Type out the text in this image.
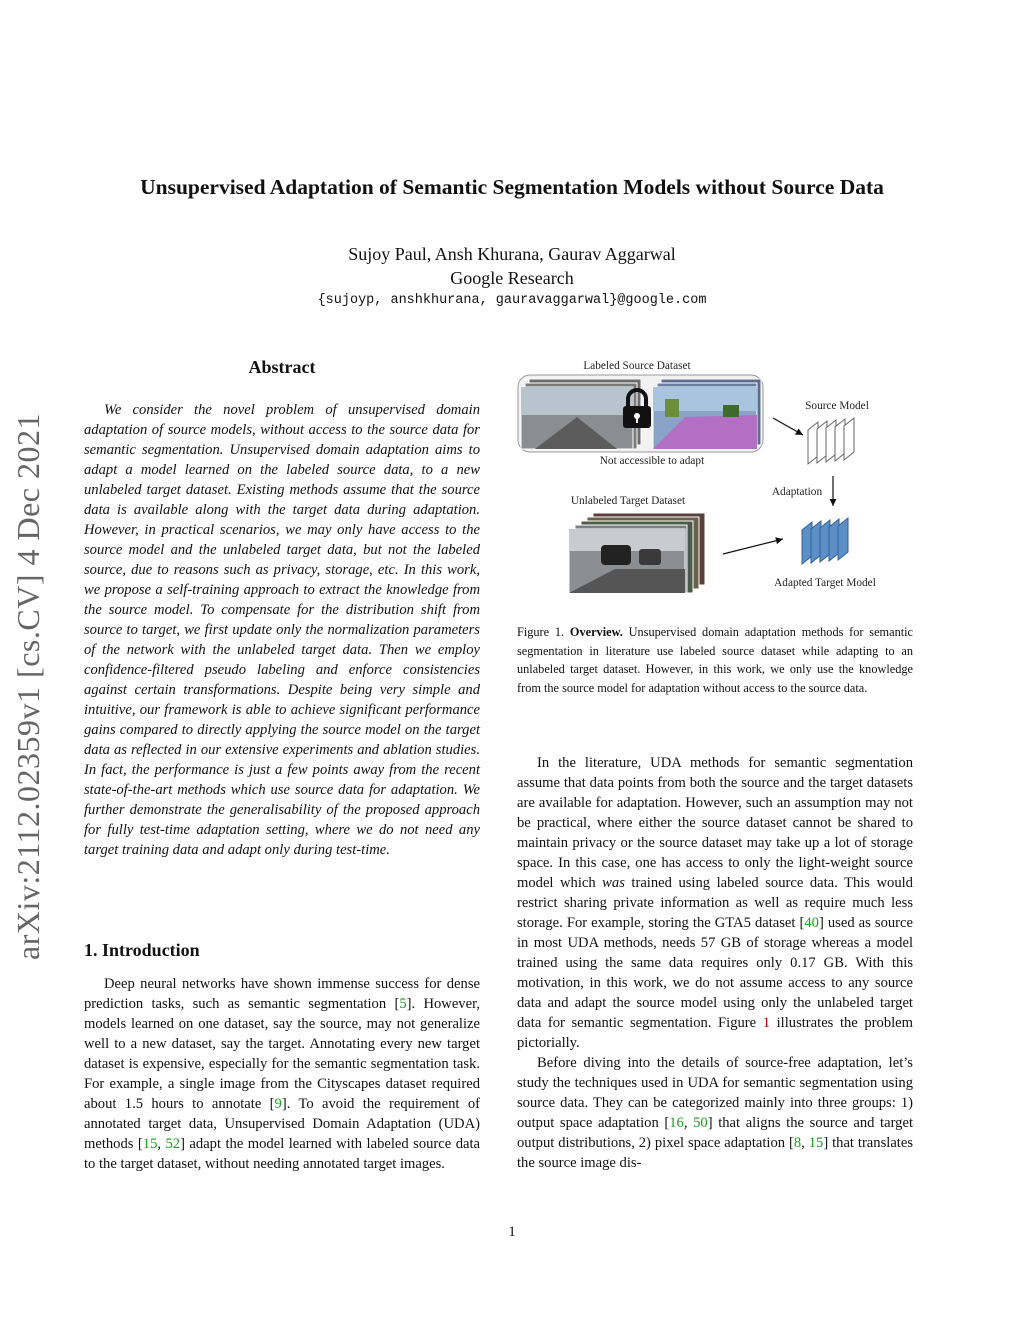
Unsupervised Adaptation of Semantic Segmentation Models without Source Data
Sujoy Paul, Ansh Khurana, Gaurav Aggarwal
Google Research
{sujoyp, anshkhurana, gauravaggarwal}@google.com
arXiv:2112.02359v1 [cs.CV] 4 Dec 2021
Abstract

We consider the novel problem of unsupervised domain adaptation of source models, without access to the source data for semantic segmentation. Unsupervised domain adaptation aims to adapt a model learned on the labeled source data, to a new unlabeled target dataset. Existing methods assume that the source data is available along with the target data during adaptation. However, in practical scenarios, we may only have access to the source model and the unlabeled target data, but not the labeled source, due to reasons such as privacy, storage, etc. In this work, we propose a self-training approach to extract the knowledge from the source model. To compensate for the distribution shift from source to target, we first update only the normalization parameters of the network with the unlabeled target data. Then we employ confidence-filtered pseudo labeling and enforce consistencies against certain transformations. Despite being very simple and intuitive, our framework is able to achieve significant performance gains compared to directly applying the source model on the target data as reflected in our extensive experiments and ablation studies. In fact, the performance is just a few points away from the recent state-of-the-art methods which use source data for adaptation. We further demonstrate the generalisability of the proposed approach for fully test-time adaptation setting, where we do not need any target training data and adapt only during test-time.

1. Introduction

Deep neural networks have shown immense success for dense prediction tasks, such as semantic segmentation [5]. However, models learned on one dataset, say the source, may not generalize well to a new dataset, say the target. Annotating every new target dataset is expensive, especially for the semantic segmentation task. For example, a single image from the Cityscapes dataset required about 1.5 hours to annotate [9]. To avoid the requirement of annotated target data, Unsupervised Domain Adaptation (UDA) methods [15, 52] adapt the model learned with labeled source data to the target dataset, without needing annotated target images.

Labeled Source Dataset
Not accessible to adapt
Source Model
Adaptation
Unlabeled Target Dataset
Adapted Target Model
Figure 1. Overview. Unsupervised domain adaptation methods for semantic segmentation in literature use labeled source dataset while adapting to an unlabeled target dataset. However, in this work, we only use the knowledge from the source model for adaptation without access to the source data.

In the literature, UDA methods for semantic segmentation assume that data points from both the source and the target datasets are available for adaptation. However, such an assumption may not be practical, where either the source dataset cannot be shared to maintain privacy or the source dataset may take up a lot of storage space. In this case, one has access to only the light-weight source model which was trained using labeled source data. This would restrict sharing private information as well as require much less storage. For example, storing the GTA5 dataset [40] used as source in most UDA methods, needs 57 GB of storage whereas a model trained using the same data requires only 0.17 GB. With this motivation, in this work, we do not assume access to any source data and adapt the source model using only the unlabeled target data for semantic segmentation. Figure 1 illustrates the problem pictorially.

Before diving into the details of source-free adaptation, let’s study the techniques used in UDA for semantic segmentation using source data. They can be categorized mainly into three groups: 1) output space adaptation [16, 50] that aligns the source and target output distributions, 2) pixel space adaptation [8, 15] that translates the source image dis-

1
